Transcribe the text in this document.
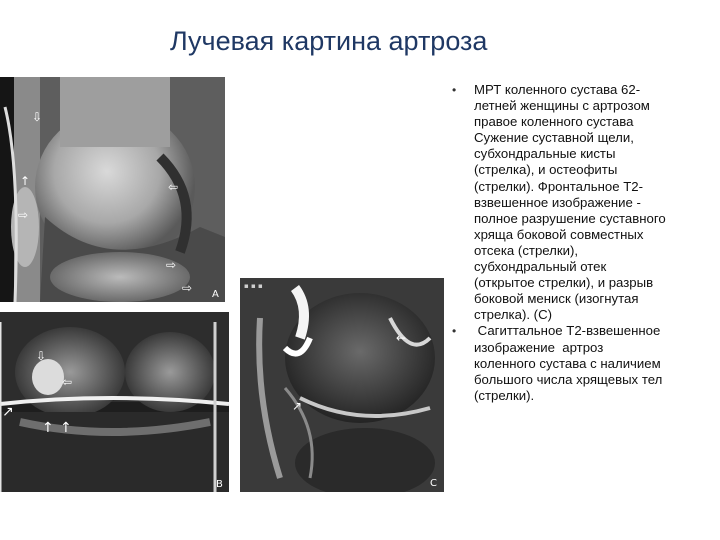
Лучевая картина артроза
⇩
↑
⇨
⇦
⇨
⇨ A
⇩
⇦
↑ ↑
↗
B
←
↗
▪ ▪ ▪
C
• МРТ коленного сустава 62-
летней женщины с артрозом
правое коленного сустава
Сужение суставной щели,
субхондральные кисты
(стрелка), и остеофиты
(стрелки). Фронтальное Т2-
взвешенное изображение -
полное разрушение суставного
хряща боковой совместных
отсека (стрелки),
субхондральный отек
(открытое стрелки), и разрыв
боковой мениск (изогнутая
стрелка). (С)
• Сагиттальное Т2-взвешенное
изображение  артроз
коленного сустава с наличием
большого числа хрящевых тел
(стрелки).
